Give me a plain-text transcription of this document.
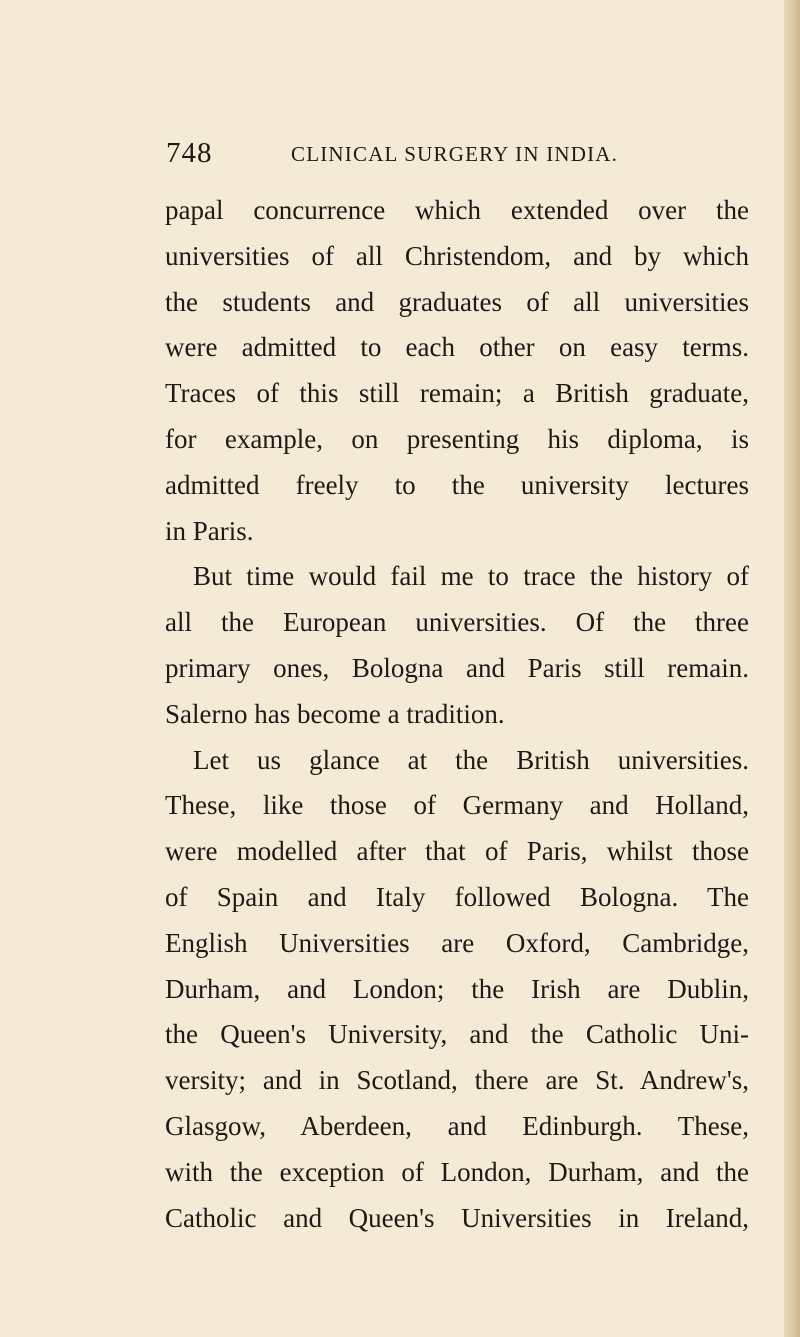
748	CLINICAL SURGERY IN INDIA.
papal concurrence which extended over the
universities of all Christendom, and by which
the students and graduates of all universities
were admitted to each other on easy terms.
Traces of this still remain; a British graduate,
for example, on presenting his diploma, is
admitted freely to the university lectures
in Paris.
But time would fail me to trace the history of
all the European universities. Of the three
primary ones, Bologna and Paris still remain.
Salerno has become a tradition.
Let us glance at the British universities.
These, like those of Germany and Holland,
were modelled after that of Paris, whilst those
of Spain and Italy followed Bologna. The
English Universities are Oxford, Cambridge,
Durham, and London; the Irish are Dublin,
the Queen's University, and the Catholic Uni-
versity; and in Scotland, there are St. Andrew's,
Glasgow, Aberdeen, and Edinburgh. These,
with the exception of London, Durham, and the
Catholic and Queen's Universities in Ireland,
